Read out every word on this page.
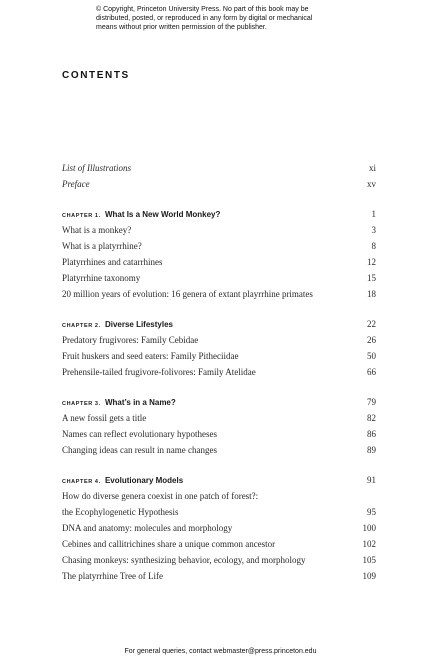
© Copyright, Princeton University Press. No part of this book may be
distributed, posted, or reproduced in any form by digital or mechanical
means without prior written permission of the publisher.
CONTENTS
List of Illustrations	xi
Preface	xv
CHAPTER 1. What Is a New World Monkey?	1
What is a monkey?	3
What is a platyrrhine?	8
Platyrrhines and catarrhines	12
Platyrrhine taxonomy	15
20 million years of evolution: 16 genera of extant playrrhine primates	18
CHAPTER 2. Diverse Lifestyles	22
Predatory frugivores: Family Cebidae	26
Fruit huskers and seed eaters: Family Pitheciidae	50
Prehensile-tailed frugivore-folivores: Family Atelidae	66
CHAPTER 3. What’s in a Name?	79
A new fossil gets a title	82
Names can reflect evolutionary hypotheses	86
Changing ideas can result in name changes	89
CHAPTER 4. Evolutionary Models	91
How do diverse genera coexist in one patch of forest?:
the Ecophylogenetic Hypothesis	95
DNA and anatomy: molecules and morphology	100
Cebines and callitrichines share a unique common ancestor	102
Chasing monkeys: synthesizing behavior, ecology, and morphology	105
The platyrrhine Tree of Life	109
For general queries, contact webmaster@press.princeton.edu
